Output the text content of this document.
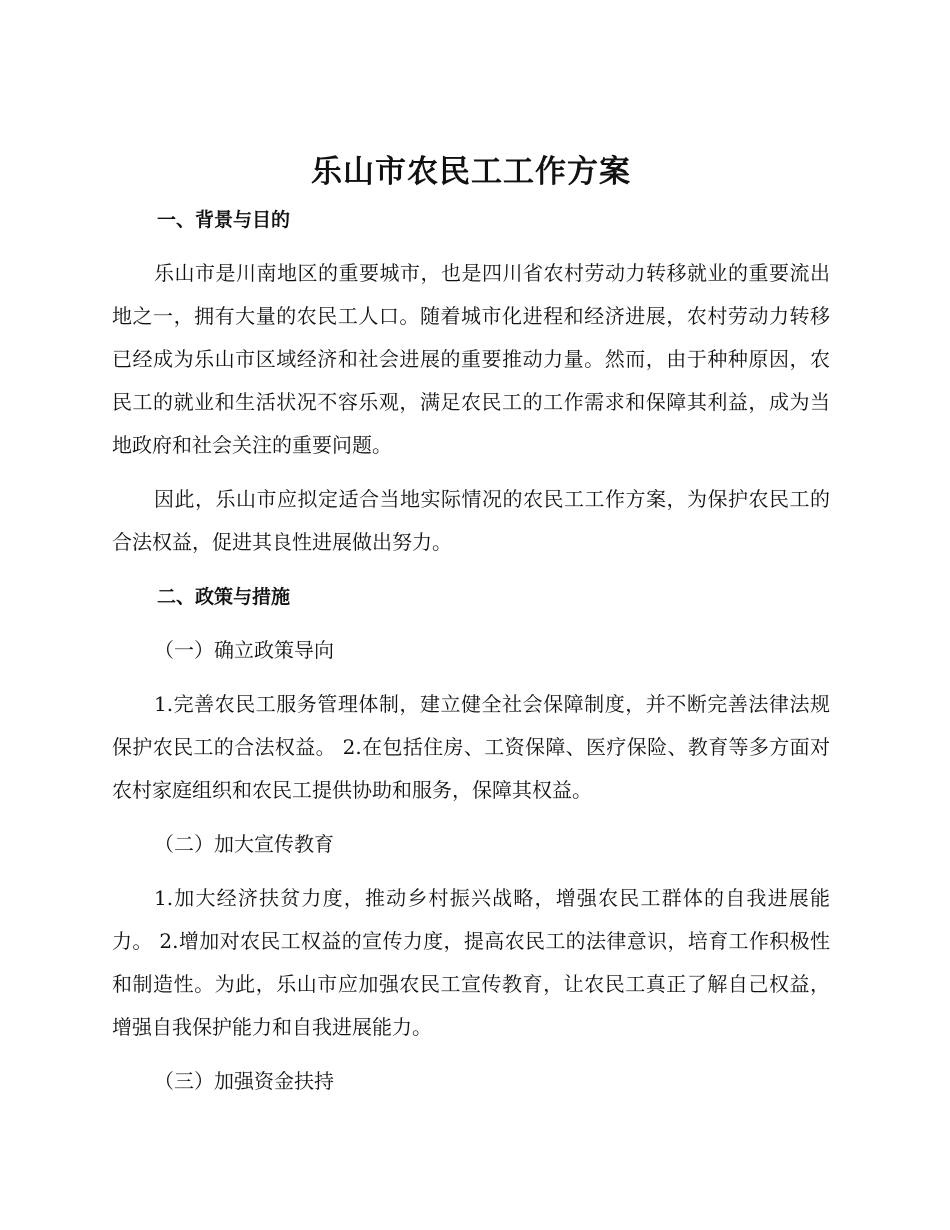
乐山市农民工工作方案
一、背景与目的

乐山市是川南地区的重要城市，也是四川省农村劳动力转移就业的重要流出地之一，拥有大量的农民工人口。随着城市化进程和经济进展，农村劳动力转移已经成为乐山市区域经济和社会进展的重要推动力量。然而，由于种种原因，农民工的就业和生活状况不容乐观，满足农民工的工作需求和保障其利益，成为当地政府和社会关注的重要问题。

因此，乐山市应拟定适合当地实际情况的农民工工作方案，为保护农民工的合法权益，促进其良性进展做出努力。

二、政策与措施

（一）确立政策导向

1.完善农民工服务管理体制，建立健全社会保障制度，并不断完善法律法规保护农民工的合法权益。 2.在包括住房、工资保障、医疗保险、教育等多方面对农村家庭组织和农民工提供协助和服务，保障其权益。

（二）加大宣传教育

1.加大经济扶贫力度，推动乡村振兴战略，增强农民工群体的自我进展能力。 2.增加对农民工权益的宣传力度，提高农民工的法律意识，培育工作积极性和制造性。为此，乐山市应加强农民工宣传教育，让农民工真正了解自己权益，增强自我保护能力和自我进展能力。

（三）加强资金扶持
